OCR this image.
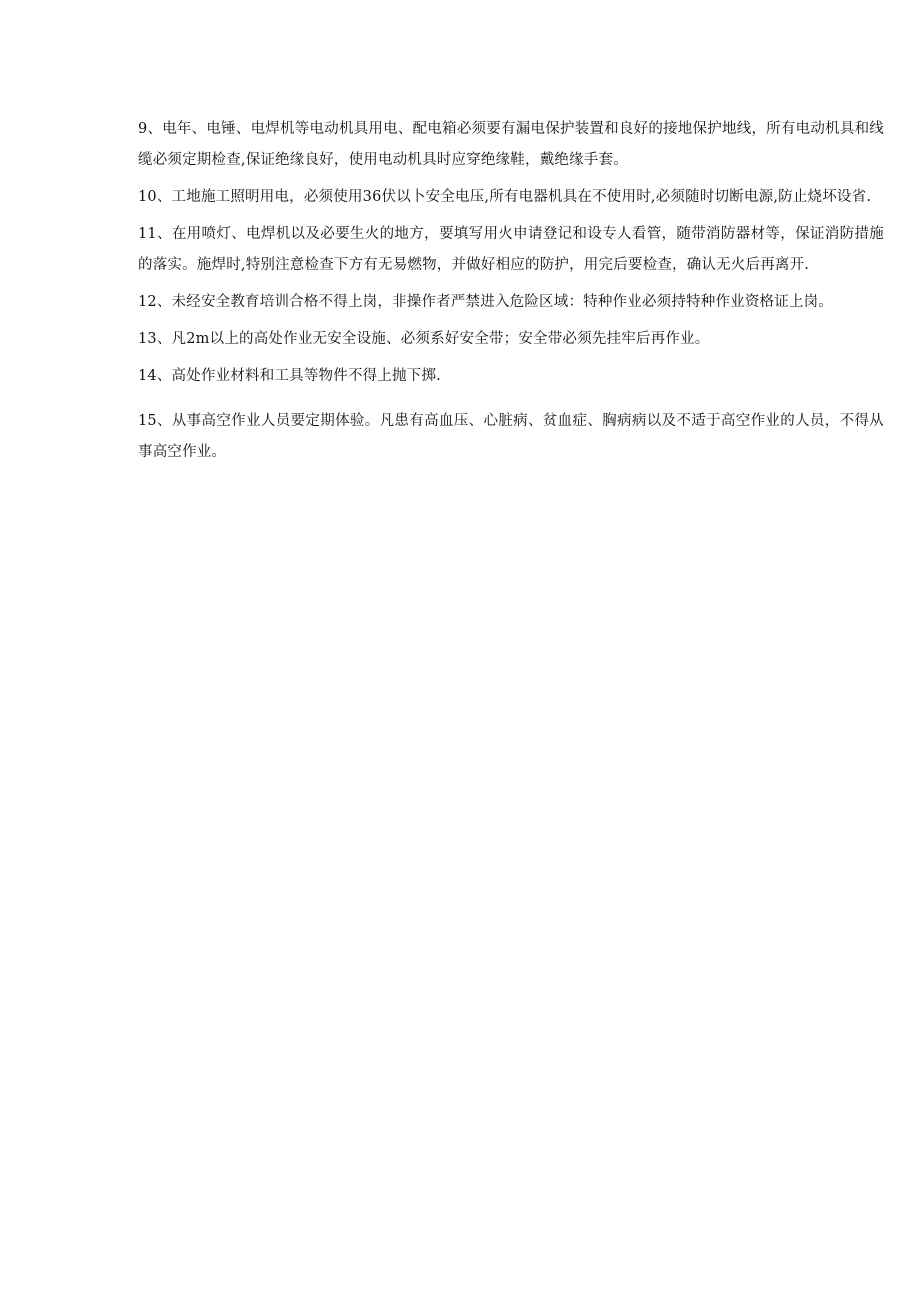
9、电年、电锤、电焊机等电动机具用电、配电箱必须要有漏电保护装置和良好的接地保护地线，所有电动机具和线缆必须定期检查,保证绝缘良好，使用电动机具时应穿绝缘鞋，戴绝缘手套。

10、工地施工照明用电，必须使用36伏以卜安全电压,所有电器机具在不使用时,必须随时切断电源,防止烧坏设省.

11、在用喷灯、电焊机以及必要生火的地方，要填写用火申请登记和设专人看管，随带消防器材等，保证消防措施的落实。施焊时,特别注意检查下方有无易燃物，并做好相应的防护，用完后要检查，确认无火后再离开.

12、未经安全教育培训合格不得上岗，非操作者严禁进入危险区域：特种作业必须持特种作业资格证上岗。

13、凡2m以上的高处作业无安全设施、必须系好安全带；安全带必须先挂牢后再作业。

14、高处作业材料和工具等物件不得上抛下掷.

15、从事高空作业人员要定期体验。凡患有高血压、心脏病、贫血症、胸病病以及不适于高空作业的人员，不得从事高空作业。
